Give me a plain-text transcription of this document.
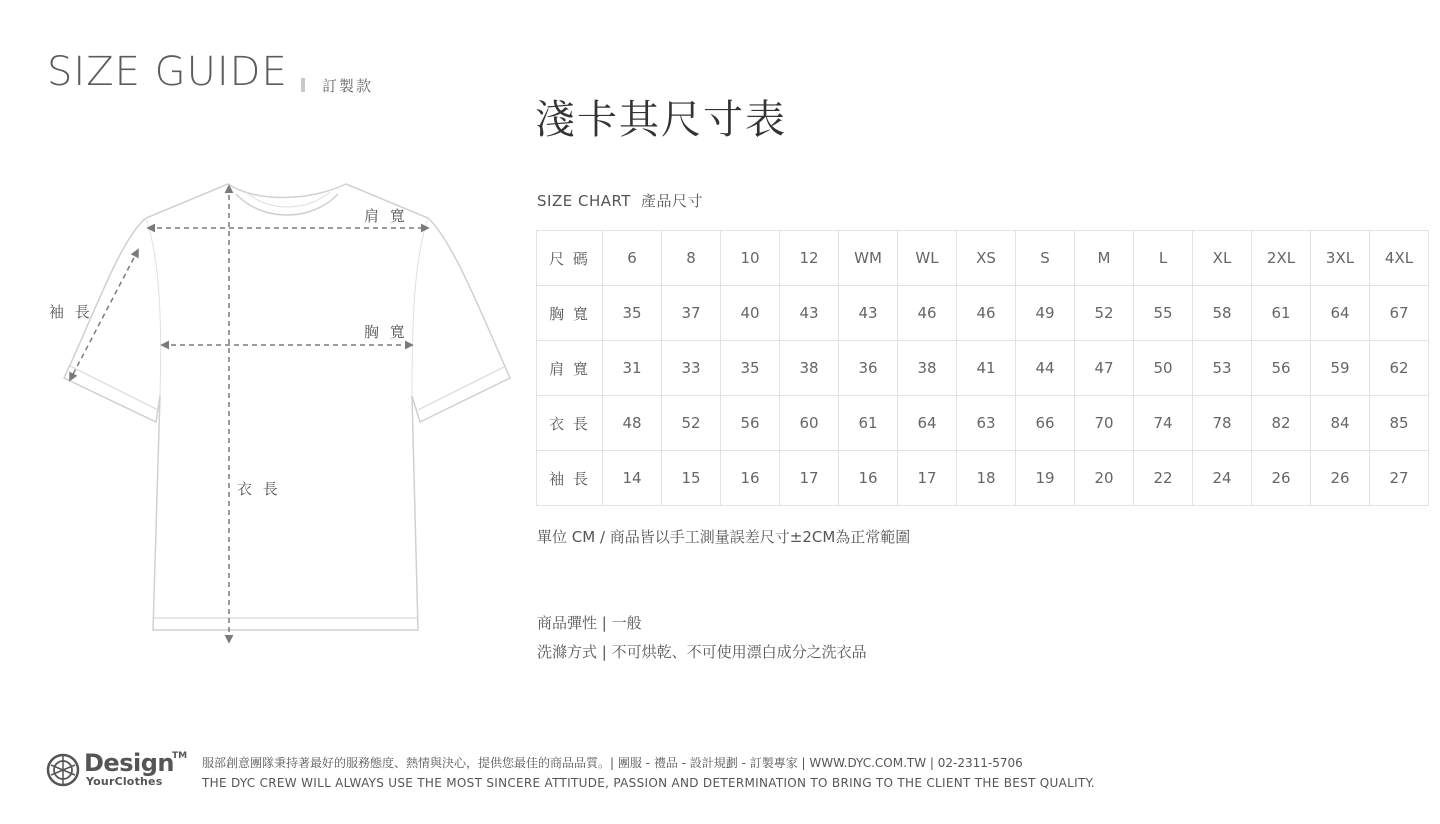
SIZE GUIDE 訂製款
淺卡其尺寸表
SIZE CHART 產品尺寸
尺 碼	6	8	10	12	WM	WL	XS	S	M	L	XL	2XL	3XL	4XL
胸 寬	35	37	40	43	43	46	46	49	52	55	58	61	64	67
肩 寬	31	33	35	38	36	38	41	44	47	50	53	56	59	62
衣 長	48	52	56	60	61	64	63	66	70	74	78	82	84	85
袖 長	14	15	16	17	16	17	18	19	20	22	24	26	26	27
單位 CM / 商品皆以手工測量誤差尺寸±2CM為正常範圍
商品彈性 | 一般
洗滌方式 | 不可烘乾、不可使用漂白成分之洗衣品
肩 寬
袖 長
胸 寬
衣 長
Design
TM
YourClothes
服部創意團隊秉持著最好的服務態度、熱情與決心，提供您最佳的商品品質。| 團服 - 禮品 - 設計規劃 - 訂製專家 | WWW.DYC.COM.TW | 02-2311-5706
THE DYC CREW WILL ALWAYS USE THE MOST SINCERE ATTITUDE, PASSION AND DETERMINATION TO BRING TO THE CLIENT THE BEST QUALITY.
